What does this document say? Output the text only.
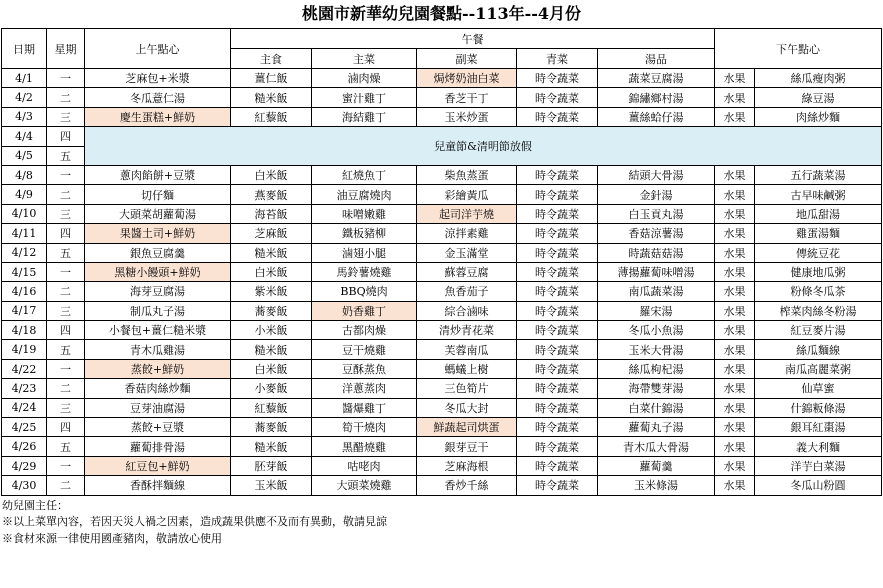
桃園市新華幼兒園餐點--113年--4月份
日期	星期	上午點心	午餐					下午點心	
			主食	主菜	副菜	青菜	湯品		
4/1	一	芝麻包+米漿	薑仁飯	滷肉燥	焗烤奶油白菜	時令蔬菜	蔬菜豆腐湯	水果	絲瓜瘦肉粥
4/2	二	冬瓜薏仁湯	糙米飯	蜜汁雞丁	香芝干丁	時令蔬菜	錦繡鄉村湯	水果	綠豆湯
4/3	三	慶生蛋糕+鮮奶	紅藜飯	海結雞丁	玉米炒蛋	時令蔬菜	薑絲蛤仔湯	水果	肉絲炒麵
4/4	四	兒童節&清明節放假							
4/5	五								
4/8	一	蔥肉餡餅+豆漿	白米飯	紅燒魚丁	柴魚蒸蛋	時令蔬菜	結頭大骨湯	水果	五行蔬菜湯
4/9	二	切仔麵	燕麥飯	油豆腐燒肉	彩繪黃瓜	時令蔬菜	金針湯	水果	古早味鹹粥
4/10	三	大頭菜胡蘿蔔湯	海苔飯	味噌嫩雞	起司洋芋燒	時令蔬菜	白玉貢丸湯	水果	地瓜甜湯
4/11	四	果醬土司+鮮奶	芝麻飯	鐵板豬柳	涼拌素雞	時令蔬菜	香菇涼薯湯	水果	雞蛋湯麵
4/12	五	銀魚豆腐羹	糙米飯	滷翅小腿	金玉滿堂	時令蔬菜	時蔬菇菇湯	水果	傳統豆花
4/15	一	黑糖小饅頭+鮮奶	白米飯	馬鈴薯燒雞	蘇蓉豆腐	時令蔬菜	薄揚蘿蔔味噌湯	水果	健康地瓜粥
4/16	二	海芽豆腐湯	紫米飯	BBQ燒肉	魚香茄子	時令蔬菜	南瓜蔬菜湯	水果	粉條冬瓜茶
4/17	三	制瓜丸子湯	蕎麥飯	奶香雞丁	綜合滷味	時令蔬菜	羅宋湯	水果	榨菜肉絲冬粉湯
4/18	四	小餐包+薑仁糙米漿	小米飯	古都肉燥	清炒青花菜	時令蔬菜	冬瓜小魚湯	水果	紅豆麥片湯
4/19	五	青木瓜雞湯	糙米飯	豆干燒雞	芙蓉南瓜	時令蔬菜	玉米大骨湯	水果	絲瓜麵線
4/22	一	蒸餃+鮮奶	白米飯	豆酥蒸魚	螞蟻上樹	時令蔬菜	絲瓜枸杞湯	水果	南瓜高麗菜粥
4/23	二	香菇肉絲炒麵	小麥飯	洋蔥蒸肉	三色筍片	時令蔬菜	海帶雙芽湯	水果	仙草蜜
4/24	三	豆芽油腐湯	紅藜飯	醬爆雞丁	冬瓜大封	時令蔬菜	白菜什錦湯	水果	什錦粄條湯
4/25	四	蒸餃+豆漿	蕎麥飯	筍干燒肉	鮮蔬起司烘蛋	時令蔬菜	蘿蔔丸子湯	水果	銀耳紅棗湯
4/26	五	蘿蔔排骨湯	糙米飯	黑醋燒雞	銀芽豆干	時令蔬菜	青木瓜大骨湯	水果	義大利麵
4/29	一	紅豆包+鮮奶	胚芽飯	咕咾肉	芝麻海根	時令蔬菜	蘿蔔羹	水果	洋芋白菜湯
4/30	二	香酥拌麵線	玉米飯	大頭菜燒雞	香炒千絲	時令蔬菜	玉米條湯	水果	冬瓜山粉圓
幼兒園主任：
※以上菜單內容，若因天災人禍之因素，造成蔬果供應不及而有異動，敬請見諒
※食材來源一律使用國產豬肉，敬請放心使用
